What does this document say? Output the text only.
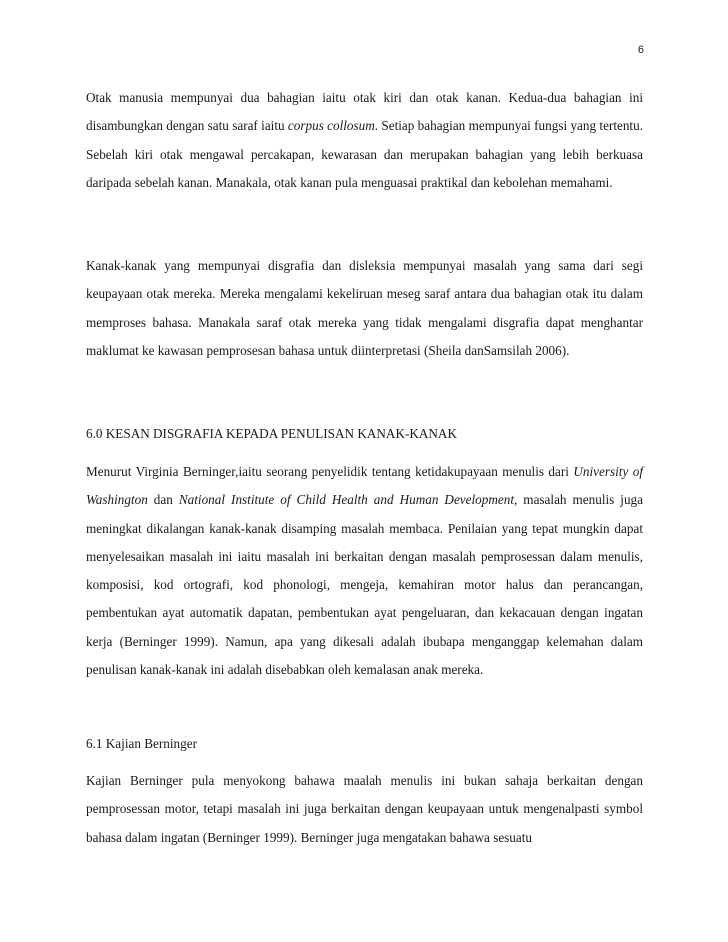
6

Otak manusia mempunyai dua bahagian iaitu otak kiri dan otak kanan. Kedua-dua bahagian ini disambungkan dengan satu saraf iaitu corpus collosum. Setiap bahagian mempunyai fungsi yang tertentu. Sebelah kiri otak mengawal percakapan, kewarasan dan merupakan bahagian yang lebih berkuasa daripada sebelah kanan. Manakala, otak kanan pula menguasai praktikal dan kebolehan memahami.

Kanak-kanak yang mempunyai disgrafia dan disleksia mempunyai masalah yang sama dari segi keupayaan otak mereka. Mereka mengalami kekeliruan meseg saraf antara dua bahagian otak itu dalam memproses bahasa. Manakala saraf otak mereka yang tidak mengalami disgrafia dapat menghantar maklumat ke kawasan pemprosesan bahasa untuk diinterpretasi (Sheila danSamsilah 2006).

6.0 KESAN DISGRAFIA KEPADA PENULISAN KANAK-KANAK

Menurut Virginia Berninger,iaitu seorang penyelidik tentang ketidakupayaan menulis dari University of Washington dan National Institute of Child Health and Human Development, masalah menulis juga meningkat dikalangan kanak-kanak disamping masalah membaca. Penilaian yang tepat mungkin dapat menyelesaikan masalah ini iaitu masalah ini berkaitan dengan masalah pemprosessan dalam menulis, komposisi, kod ortografi, kod phonologi, mengeja, kemahiran motor halus dan perancangan, pembentukan ayat automatik dapatan, pembentukan ayat pengeluaran, dan kekacauan dengan ingatan kerja (Berninger 1999). Namun, apa yang dikesali adalah ibubapa menganggap kelemahan dalam penulisan kanak-kanak ini adalah disebabkan oleh kemalasan anak mereka.

6.1 Kajian Berninger

Kajian Berninger pula menyokong bahawa maalah menulis ini bukan sahaja berkaitan dengan pemprosessan motor, tetapi masalah ini juga berkaitan dengan keupayaan untuk mengenalpasti symbol bahasa dalam ingatan (Berninger 1999). Berninger juga mengatakan bahawa sesuatu
